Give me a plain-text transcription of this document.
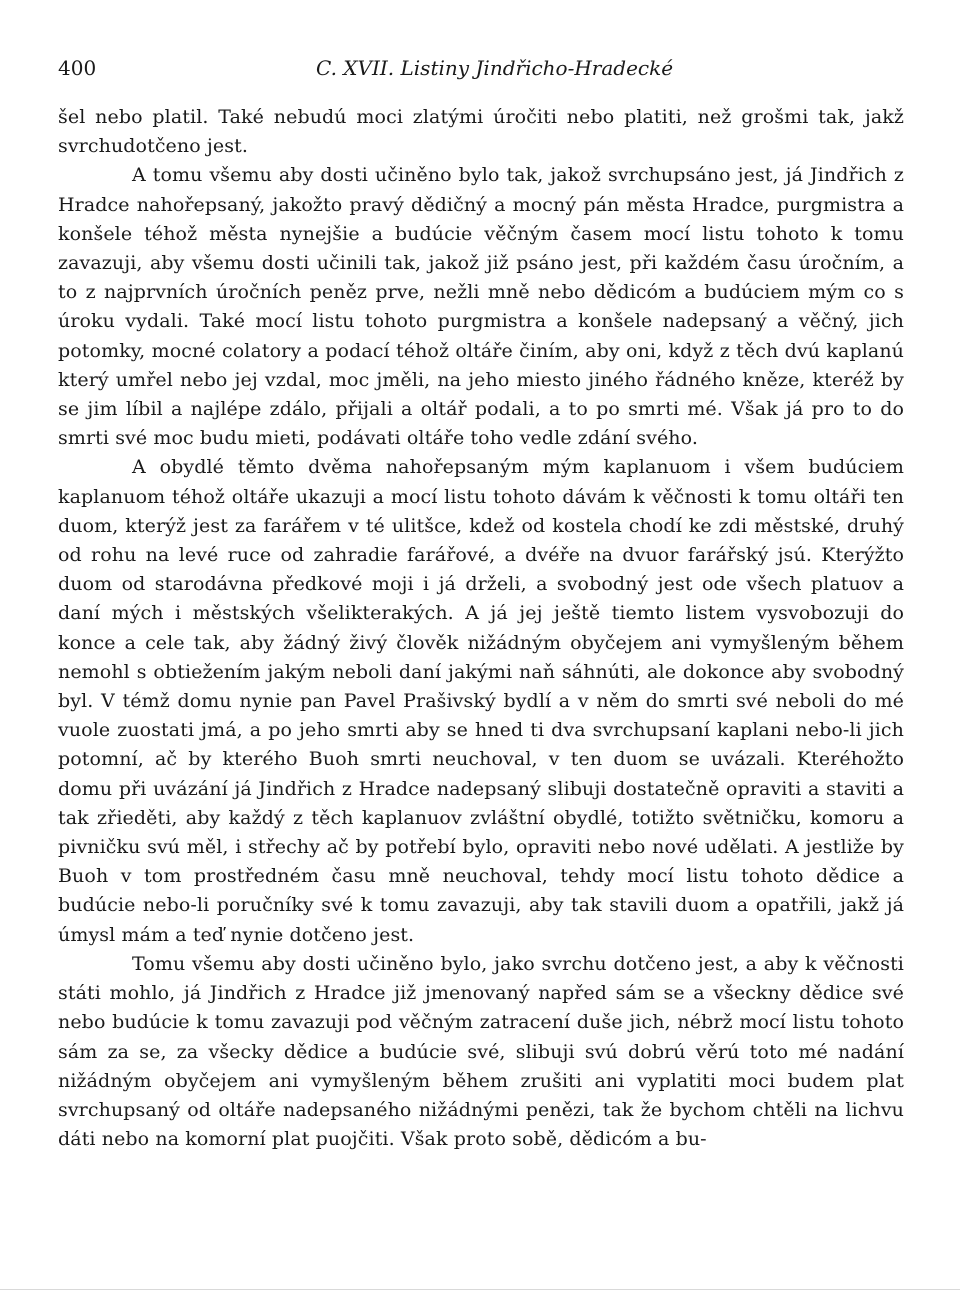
400	C. XVII. Listiny Jindřicho-Hradecké

šel nebo platil. Také nebudú moci zlatými úročiti nebo platiti, než grošmi tak, jakž svrchudotčeno jest.

A tomu všemu aby dosti učiněno bylo tak, jakož svrchupsáno jest, já Jindřich z Hradce nahořepsaný, jakožto pravý dědičný a mocný pán města Hradce, purgmistra a konšele téhož města nynejšie a budúcie věčným časem mocí listu tohoto k tomu zavazuji, aby všemu dosti učinili tak, jakož již psáno jest, při každém času úročním, a to z najprvních úročních peněz prve, nežli mně nebo dědicóm a budúciem mým co s úroku vydali. Také mocí listu tohoto purgmistra a konšele nadepsaný a věčný, jich potomky, mocné colatory a podací téhož oltáře činím, aby oni, když z těch dvú kaplanú který umřel nebo jej vzdal, moc jměli, na jeho miesto jiného řádného kněze, kteréž by se jim líbil a najlépe zdálo, přijali a oltář podali, a to po smrti mé. Však já pro to do smrti své moc budu mieti, podávati oltáře toho vedle zdání svého.

A obydlé těmto dvěma nahořepsaným mým kaplanuom i všem budúciem kaplanuom téhož oltáře ukazuji a mocí listu tohoto dávám k věčnosti k tomu oltáři ten duom, kterýž jest za farářem v té ulitšce, kdež od kostela chodí ke zdi městské, druhý od rohu na levé ruce od zahradie farářové, a dvéře na dvuor farářský jsú. Kterýžto duom od starodávna předkové moji i já drželi, a svobodný jest ode všech platuov a daní mých i městských všelikterakých. A já jej ještě tiemto listem vysvobozuji do konce a cele tak, aby žádný živý člověk nižádným obyčejem ani vymyšleným během nemohl s obtiežením jakým neboli daní jakými naň sáhnúti, ale dokonce aby svobodný byl. V témž domu nynie pan Pavel Prašivský bydlí a v něm do smrti své neboli do mé vuole zuostati jmá, a po jeho smrti aby se hned ti dva svrchupsaní kaplani nebo-li jich potomní, ač by kterého Buoh smrti neuchoval, v ten duom se uvázali. Kteréhožto domu při uvázání já Jindřich z Hradce nadepsaný slibuji dostatečně opraviti a staviti a tak zřieděti, aby každý z těch kaplanuov zvláštní obydlé, totižto světničku, komoru a pivničku svú měl, i střechy ač by potřebí bylo, opraviti nebo nové udělati. A jestliže by Buoh v tom prostředném času mně neuchoval, tehdy mocí listu tohoto dědice a budúcie nebo-li poručníky své k tomu zavazuji, aby tak stavili duom a opatřili, jakž já úmysl mám a teď nynie dotčeno jest.

Tomu všemu aby dosti učiněno bylo, jako svrchu dotčeno jest, a aby k věčnosti státi mohlo, já Jindřich z Hradce již jmenovaný napřed sám se a všeckny dědice své nebo budúcie k tomu zavazuji pod věčným zatracení duše jich, nébrž mocí listu tohoto sám za se, za všecky dědice a budúcie své, slibuji svú dobrú věrú toto mé nadání nižádným obyčejem ani vymyšleným během zrušiti ani vyplatiti moci budem plat svrchupsaný od oltáře nadepsaného nižádnými penězi, tak že bychom chtěli na lichvu dáti nebo na komorní plat puojčiti. Však proto sobě, dědicóm a bu-
